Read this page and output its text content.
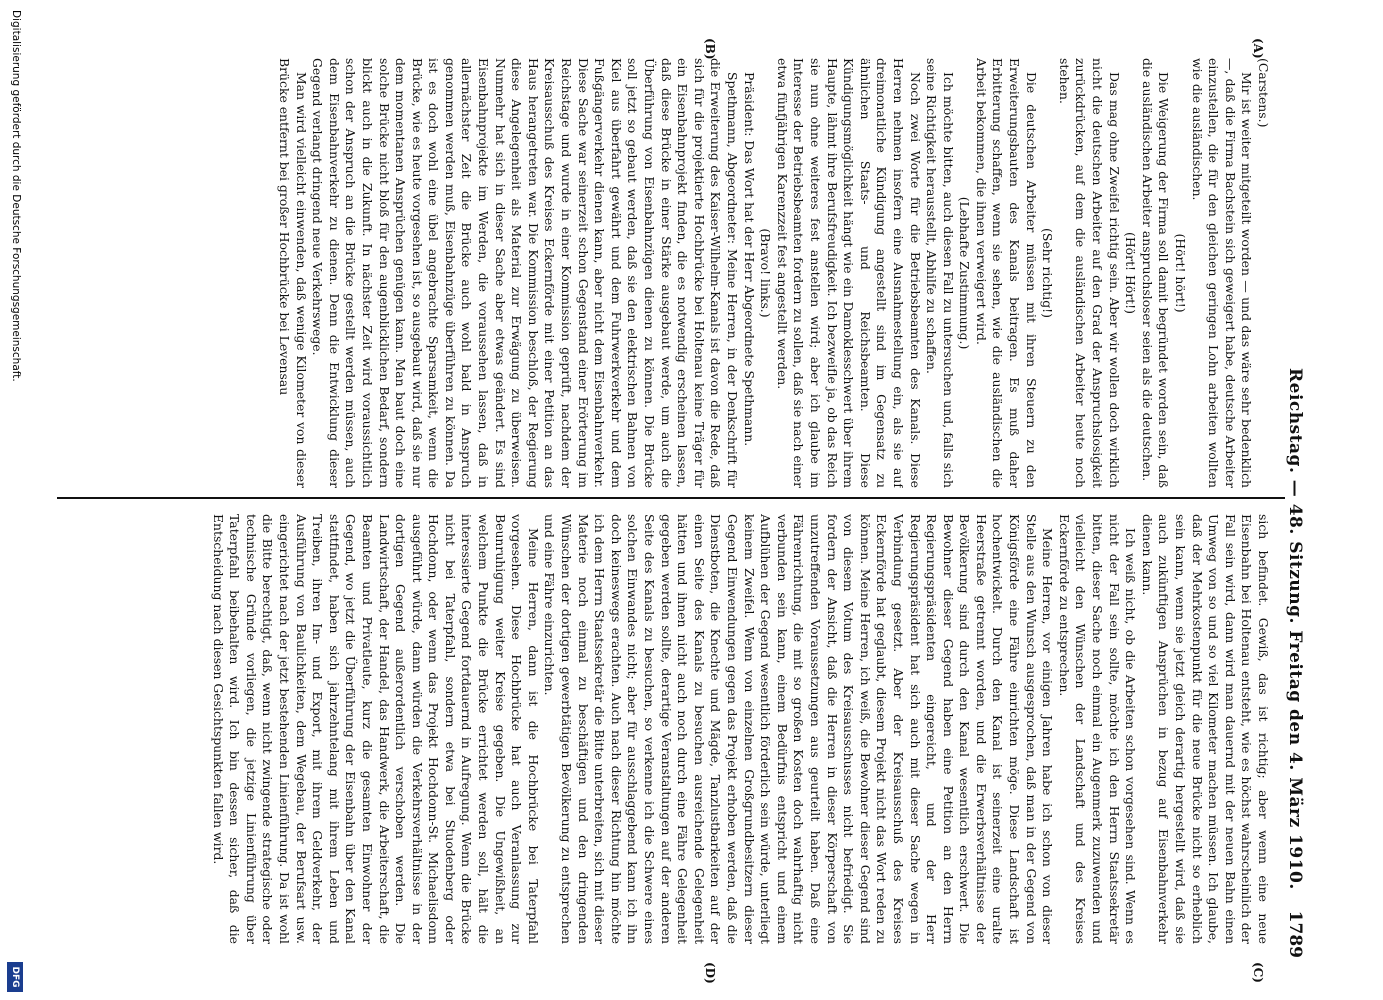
Reichstag. — 48. Sitzung. Freitag den 4. März 1910.
1789
(A)
(B)
(C)
(D)

(Carstens.)

Mir ist weiter mitgeteilt worden — und das wäre sehr bedenklich —, daß die Firma Bachstein sich geweigert habe, deutsche Arbeiter einzustellen, die für den gleichen geringen Lohn arbeiten wollten wie die ausländischen.

(Hört! hört!)

Die Weigerung der Firma soll damit begründet worden sein, daß die ausländischen Arbeiter anspruchsloser seien als die deutschen.

(Hört! Hört!)

Das mag ohne Zweifel richtig sein. Aber wir wollen doch wirklich nicht die deutschen Arbeiter auf den Grad der Anspruchslosigkeit zurückdrücken, auf dem die ausländischen Arbeiter heute noch stehen.

(Sehr richtig!)

Die deutschen Arbeiter müssen mit ihren Steuern zu den Erweiterungsbauten des Kanals beitragen. Es muß daher Erbitterung schaffen, wenn sie sehen, wie die ausländischen die Arbeit bekommen, die ihnen verweigert wird.

(Lebhafte Zustimmung.)

Ich möchte bitten, auch diesen Fall zu untersuchen und, falls sich seine Richtigkeit herausstellt, Abhilfe zu schaffen.

Noch zwei Worte für die Betriebsbeamten des Kanals. Diese Herren nehmen insofern eine Ausnahmestellung ein, als sie auf dreimonatliche Kündigung angestellt sind im Gegensatz zu ähnlichen Staats- und Reichsbeamten. Diese Kündigungsmöglichkeit hängt wie ein Damoklesschwert über ihrem Haupte, lähmt ihre Berufsfreudigkeit. Ich bezweifle ja, ob das Reich sie nun ohne weiteres fest anstellen wird; aber ich glaube im Interesse der Betriebsbeamten fordern zu sollen, daß sie nach einer etwa fünfjährigen Karenzzeit fest angestellt werden.

(Bravo! links.)

Präsident: Das Wort hat der Herr Abgeordnete Spethmann.

Spethmann, Abgeordneter: Meine Herren, in der Denkschrift für die Erweiterung des Kaiser-Wilhelm-Kanals ist davon die Rede, daß sich für die projektierte Hochbrücke bei Holtenau keine Träger für ein Eisenbahnprojekt finden, die es notwendig erscheinen lassen, daß diese Brücke in einer Stärke ausgebaut werde, um auch die Überführung von Eisenbahnzügen dienen zu können. Die Brücke soll jetzt so gebaut werden, daß sie den elektrischen Bahnen von Kiel aus überfahrt gewährt und dem Fuhrwerkverkehr und dem Fußgängerverkehr dienen kann, aber nicht dem Eisenbahnverkehr. Diese Sache war seinerzeit schon Gegenstand einer Erörterung im Reichstage und wurde in einer Kommission geprüft, nachdem der Kreisausschuß des Kreises Eckernförde mit einer Petition an das Haus herangetreten war. Die Kommission beschloß, der Regierung diese Angelegenheit als Material zur Erwägung zu überweisen. Nunmehr hat sich in dieser Sache aber etwas geändert. Es sind Eisenbahnprojekte im Werden, die voraussehen lassen, daß in allernächster Zeit die Brücke auch wohl bald in Anspruch genommen werden muß, Eisenbahnzüge überführen zu können. Da ist es doch wohl eine übel angebrachte Sparsamkeit, wenn die Brücke, wie es heute vorgesehen ist, so ausgebaut wird, daß sie nur dem momentanen Ansprüchen genügen kann. Man baut doch eine solche Brücke nicht bloß für den augenblicklichen Bedarf, sondern blickt auch in die Zukunft. In nächster Zeit wird voraussichtlich schon der Anspruch an die Brücke gestellt werden müssen, auch dem Eisenbahnverkehr zu dienen. Denn die Entwicklung dieser Gegend verlangt dringend neue Verkehrswege.

Man wird vielleicht einwenden, daß wenige Kilometer von dieser Brücke entfernt bei großer Hochbrücke bei Levensau

sich befindet. Gewiß, das ist richtig; aber wenn eine neue Eisenbahn bei Holtenau entsteht, wie es höchst wahrscheinlich der Fall sein wird, dann wird man dauernd mit der neuen Bahn einen Umweg von so und so viel Kilometer machen müssen. Ich glaube, daß der Mehrkostenpunkt für die neue Brücke nicht so erheblich sein kann, wenn sie jetzt gleich derartig hergestellt wird, daß sie auch zukünftigen Ansprüchen in bezug auf Eisenbahnverkehr dienen kann.

Ich weiß nicht, ob die Arbeiten schon vorgesehen sind. Wenn es nicht der Fall sein sollte, möchte ich den Herrn Staatssekretär bitten, dieser Sache noch einmal ein Augenmerk zuzuwenden und vielleicht den Wünschen der Landschaft und des Kreises Eckernförde zu entsprechen.

Meine Herren, vor einigen Jahren habe ich schon von dieser Stelle aus den Wunsch ausgesprochen, daß man in der Gegend von Königsförde eine Fähre einrichten möge. Diese Landschaft ist hochentwickelt. Durch den Kanal ist seinerzeit eine uralte Heerstraße getrennt worden, und die Erwerbsverhältnisse der Bevölkerung sind durch den Kanal wesentlich erschwert. Die Bewohner dieser Gegend haben eine Petition an den Herrn Regierungspräsidenten eingereicht, und der Herr Regierungspräsident hat sich auch mit dieser Sache wegen in Verbindung gesetzt. Aber der Kreisausschuß des Kreises Eckernförde hat geglaubt, diesem Projekt nicht das Wort reden zu können. Meine Herren, ich weiß, die Bewohner dieser Gegend sind von diesem Votum des Kreisausschusses nicht befriedigt. Sie fordern der Ansicht, daß die Herren in dieser Körperschaft von unzutreffenden Voraussetzungen aus geurteilt haben. Daß eine Fährenrichtung, die mit so großen Kosten doch wahrhaftig nicht verbunden sein kann, einem Bedürfnis entspricht und einem Aufblühen der Gegend wesentlich förderlich sein würde, unterliegt keinem Zweifel. Wenn von einzelnen Großgrundbesitzern dieser Gegend Einwendungen gegen das Projekt erhoben werden, daß die Dienstboten, die Knechte und Mägde, Tanzlustbarkeiten auf der einen Seite des Kanals zu besuchen ausreichende Gelegenheit hätten und ihnen nicht auch noch durch eine Fähre Gelegenheit gegeben werden sollte, derartige Veranstaltungen auf der anderen Seite des Kanals zu besuchen, so verkenne ich die Schwere eines solchen Einwandes nicht; aber für ausschlaggebend kann ich ihn doch keineswegs erachten. Auch nach dieser Richtung hin möchte ich dem Herrn Staatssekretär die Bitte unterbreiten, sich mit dieser Materie noch einmal zu beschäftigen und den dringenden Wünschen der dortigen gewerbtätigen Bevölkerung zu entsprechen und eine Fähre einzurichten.

Meine Herren, dann ist die Hochbrücke bei Taterpfahl vorgesehen. Diese Hochbrücke hat auch Veranlassung zur Beunruhigung weiter Kreise gegeben. Die Ungewißheit, an welchem Punkte die Brücke errichtet werden soll, hält die interessierte Gegend fortdauernd in Aufregung. Wenn die Brücke nicht bei Taterpfahl, sondern etwa bei Stuodenberg oder Hochdonn, oder wenn das Projekt Hochdonn-St. Michaelisdonn ausgeführt würde, dann würden die Verkehrsverhältnisse in der dortigen Gegend außerordentlich verschoben werden. Die Landwirtschaft, der Handel, das Handwerk, die Arbeiterschaft, die Beamten und Privatleute, kurz die gesamten Einwohner der Gegend, wo jetzt die Überführung der Eisenbahn über den Kanal stattfindet, haben sich jahrzehntelang mit ihrem Leben und Treiben, ihren Im- und Export, mit ihrem Geldverkehr, der Ausführung von Baulichkeiten, dem Wegebau, der Berufsart usw. eingerichtet nach der jetzt bestehenden Linienführung. Da ist wohl die Bitte berechtigt, daß, wenn nicht zwingende strategische oder technische Gründe vorliegen, die jetzige Linienführung über Taterpfahl beibehalten wird. Ich bin dessen sicher, daß die Entscheidung nach diesen Gesichtspunkten fallen wird.

Digitalisierung gefördert durch die Deutsche Forschungsgemeinschaft.
DFG
